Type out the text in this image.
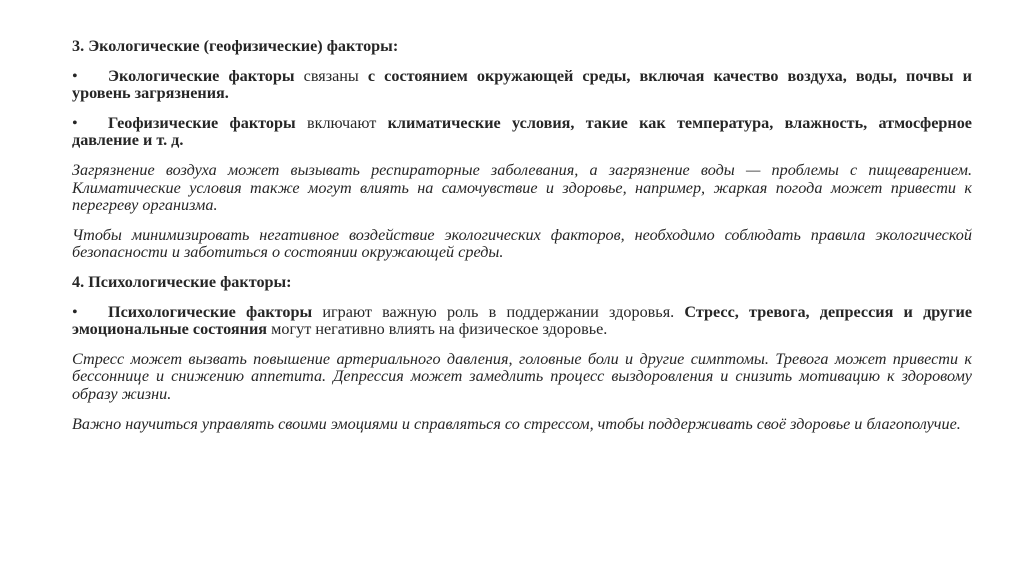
3. Экологические (геофизические) факторы:

• Экологические факторы связаны с состоянием окружающей среды, включая качество воздуха, воды, почвы и уровень загрязнения.

• Геофизические факторы включают климатические условия, такие как температура, влажность, атмосферное давление и т. д.

Загрязнение воздуха может вызывать респираторные заболевания, а загрязнение воды — проблемы с пищеварением. Климатические условия также могут влиять на самочувствие и здоровье, например, жаркая погода может привести к перегреву организма.

Чтобы минимизировать негативное воздействие экологических факторов, необходимо соблюдать правила экологической безопасности и заботиться о состоянии окружающей среды.

4. Психологические факторы:

• Психологические факторы играют важную роль в поддержании здоровья. Стресс, тревога, депрессия и другие эмоциональные состояния могут негативно влиять на физическое здоровье.

Стресс может вызвать повышение артериального давления, головные боли и другие симптомы. Тревога может привести к бессоннице и снижению аппетита. Депрессия может замедлить процесс выздоровления и снизить мотивацию к здоровому образу жизни.

Важно научиться управлять своими эмоциями и справляться со стрессом, чтобы поддерживать своё здоровье и благополучие.
